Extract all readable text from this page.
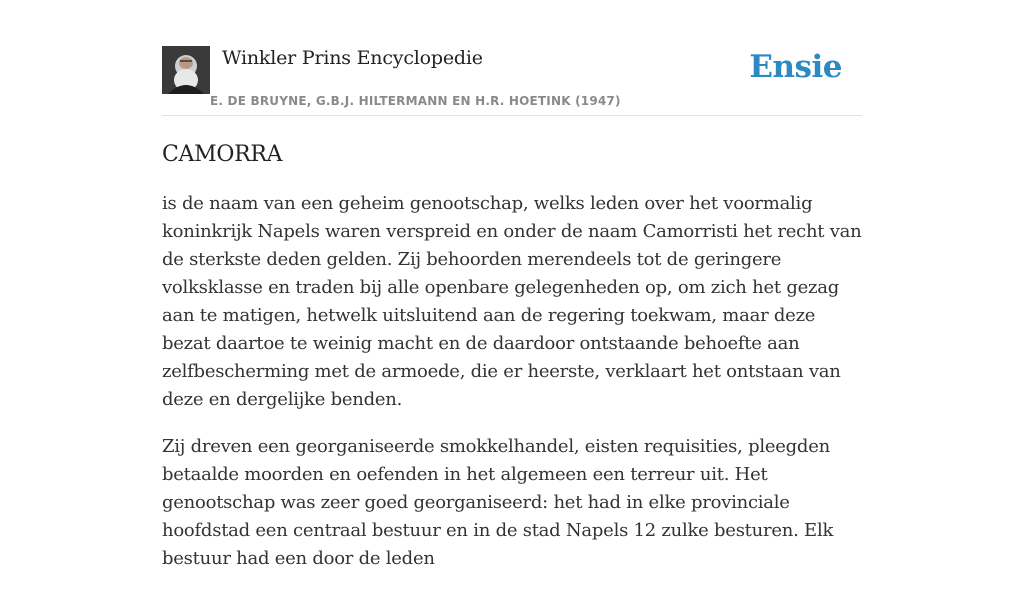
Winkler Prins Encyclopedie
E. DE BRUYNE, G.B.J. HILTERMANN EN H.R. HOETINK (1947)
Ensie
CAMORRA

is de naam van een geheim genootschap, welks leden over het voormalig koninkrijk Napels waren verspreid en onder de naam Camorristi het recht van de sterkste deden gelden. Zij behoorden merendeels tot de geringere volksklasse en traden bij alle openbare gelegenheden op, om zich het gezag aan te matigen, hetwelk uitsluitend aan de regering toekwam, maar deze bezat daartoe te weinig macht en de daardoor ontstaande behoefte aan zelfbescherming met de armoede, die er heerste, verklaart het ontstaan van deze en dergelijke benden.

Zij dreven een georganiseerde smokkelhandel, eisten requisities, pleegden betaalde moorden en oefenden in het algemeen een terreur uit. Het genootschap was zeer goed georganiseerd: het had in elke provinciale hoofdstad een centraal bestuur en in de stad Napels 12 zulke besturen. Elk bestuur had een door de leden
